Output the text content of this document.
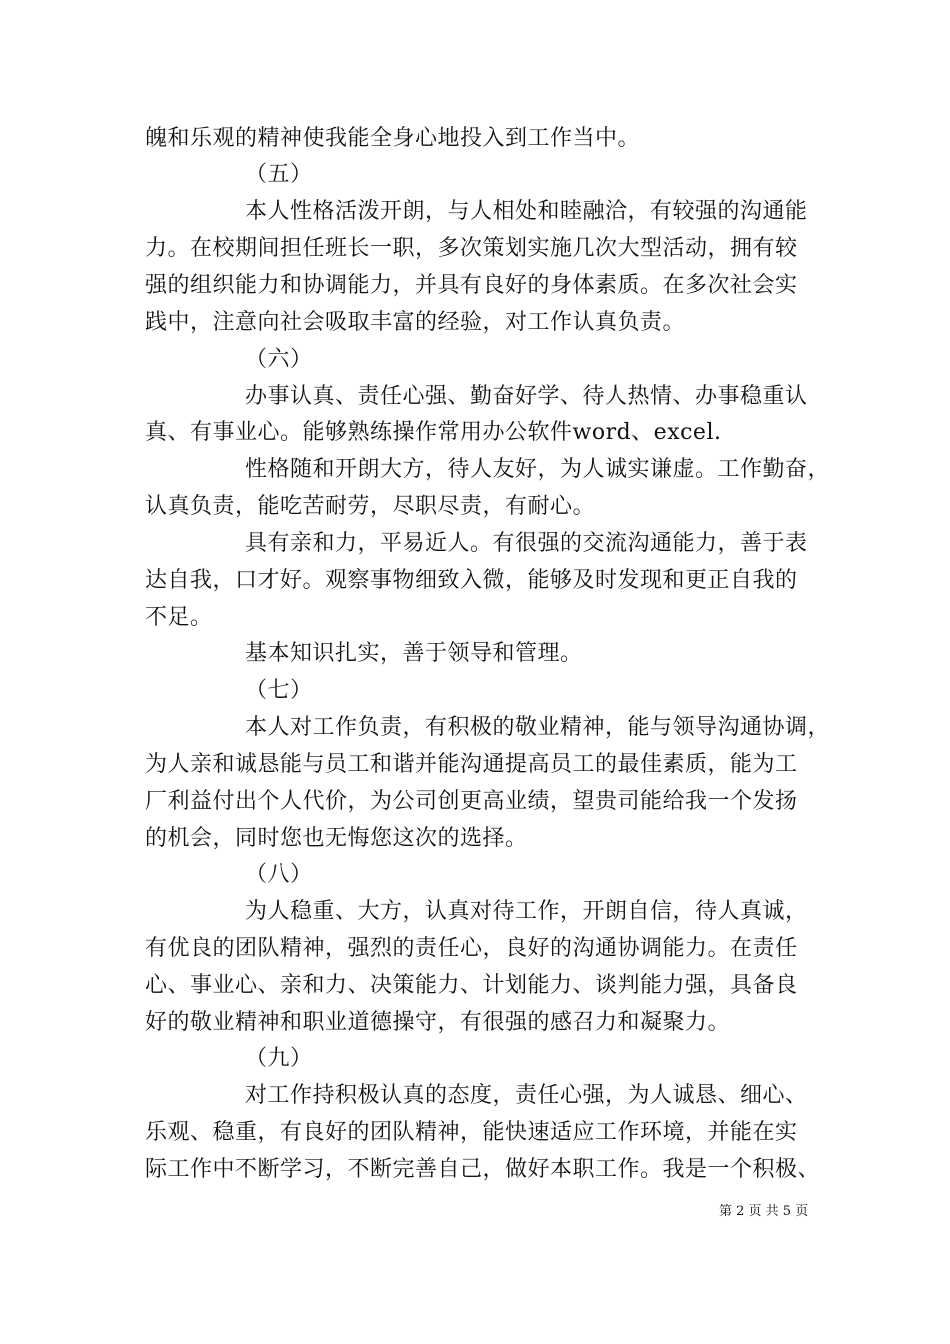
魄和乐观的精神使我能全身心地投入到工作当中。
（五）
本人性格活泼开朗，与人相处和睦融洽，有较强的沟通能
力。在校期间担任班长一职，多次策划实施几次大型活动，拥有较
强的组织能力和协调能力，并具有良好的身体素质。在多次社会实
践中，注意向社会吸取丰富的经验，对工作认真负责。
（六）
办事认真、责任心强、勤奋好学、待人热情、办事稳重认
真、有事业心。能够熟练操作常用办公软件word、excel.
性格随和开朗大方，待人友好，为人诚实谦虚。工作勤奋，
认真负责，能吃苦耐劳，尽职尽责，有耐心。
具有亲和力，平易近人。有很强的交流沟通能力，善于表
达自我，口才好。观察事物细致入微，能够及时发现和更正自我的
不足。
基本知识扎实，善于领导和管理。
（七）
本人对工作负责，有积极的敬业精神，能与领导沟通协调，
为人亲和诚恳能与员工和谐并能沟通提高员工的最佳素质，能为工
厂利益付出个人代价，为公司创更高业绩，望贵司能给我一个发扬
的机会，同时您也无悔您这次的选择。
（八）
为人稳重、大方，认真对待工作，开朗自信，待人真诚，
有优良的团队精神，强烈的责任心，良好的沟通协调能力。在责任
心、事业心、亲和力、决策能力、计划能力、谈判能力强，具备良
好的敬业精神和职业道德操守，有很强的感召力和凝聚力。
（九）
对工作持积极认真的态度，责任心强，为人诚恳、细心、
乐观、稳重，有良好的团队精神，能快速适应工作环境，并能在实
际工作中不断学习，不断完善自己，做好本职工作。我是一个积极、
第 2 页 共 5 页
